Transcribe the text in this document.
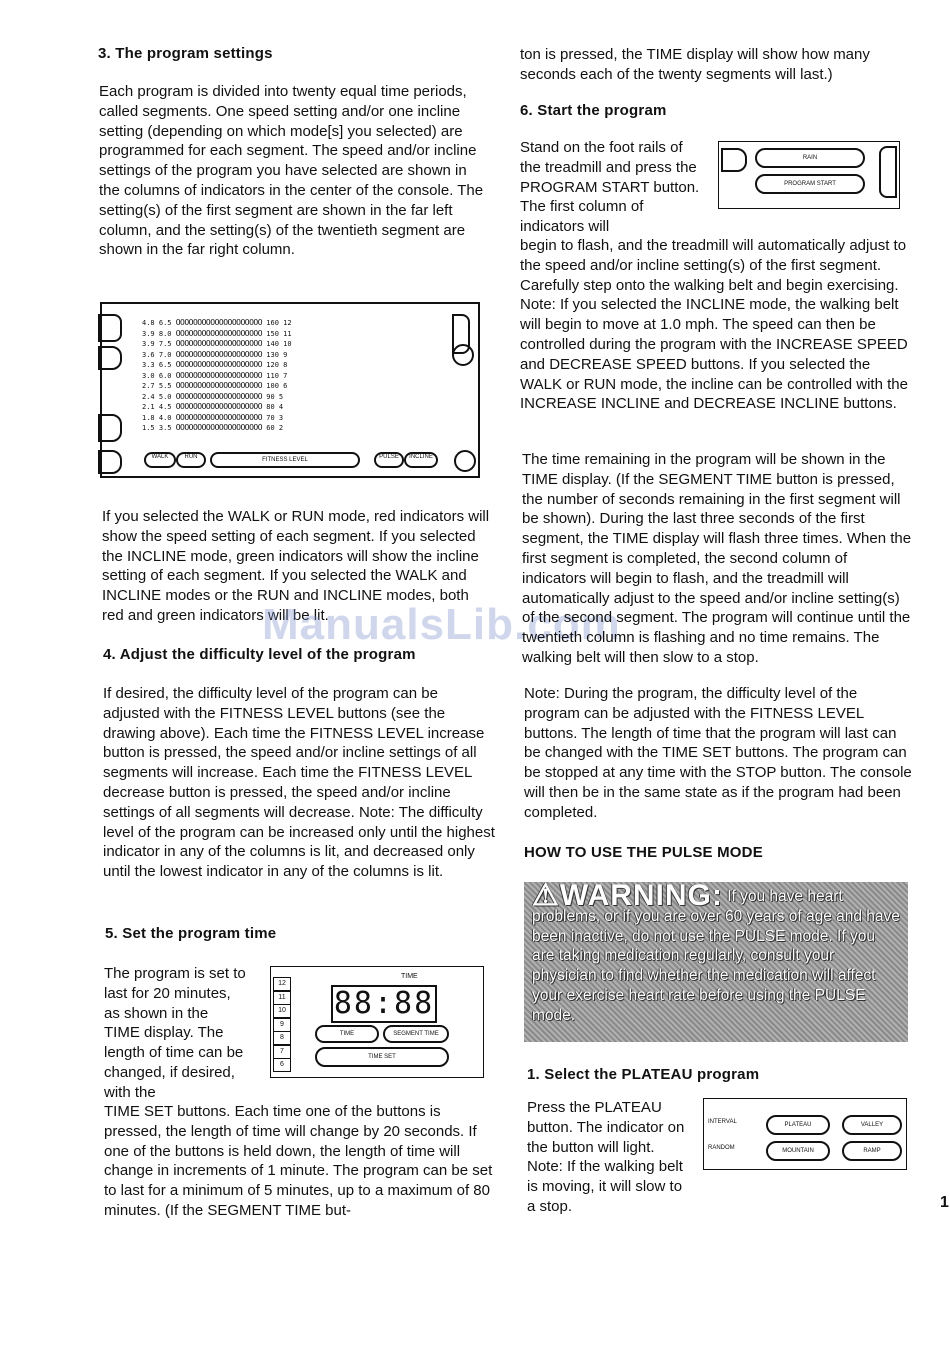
3. The program settings
Each program is divided into twenty equal time periods, called segments. One speed setting and/or one incline setting (depending on which mode[s] you selected) are programmed for each segment. The speed and/or incline settings of the program you have selected are shown in the columns of indicators in the center of the console. The setting(s) of the first segment are shown in the far left column, and the setting(s) of the twentieth segment are shown in the far right column.
4.8 6.5 OOOOOOOOOOOOOOOOOOOO 160 12
3.9 8.0 OOOOOOOOOOOOOOOOOOOO 150 11
3.9 7.5 OOOOOOOOOOOOOOOOOOOO 140 10
3.6 7.0 OOOOOOOOOOOOOOOOOOOO 130 9
3.3 6.5 OOOOOOOOOOOOOOOOOOOO 120 8
3.0 6.0 OOOOOOOOOOOOOOOOOOOO 110 7
2.7 5.5 OOOOOOOOOOOOOOOOOOOO 100 6
2.4 5.0 OOOOOOOOOOOOOOOOOOOO 90 5
2.1 4.5 OOOOOOOOOOOOOOOOOOOO 80 4
1.8 4.0 OOOOOOOOOOOOOOOOOOOO 70 3
1.5 3.5 OOOOOOOOOOOOOOOOOOOO 60 2
WALK	RUN	FITNESS LEVEL	PULSE	INCLINE
If you selected the WALK or RUN mode, red indicators will show the speed setting of each segment. If you selected the INCLINE mode, green indicators will show the incline setting of each segment. If you selected the WALK and INCLINE modes or the RUN and INCLINE modes, both red and green indicators will be lit.
ManualsLib.com
4. Adjust the difficulty level of the program
If desired, the difficulty level of the program can be adjusted with the FITNESS LEVEL buttons (see the drawing above). Each time the FITNESS LEVEL increase button is pressed, the speed and/or incline settings of all segments will increase. Each time the FITNESS LEVEL decrease button is pressed, the speed and/or incline settings of all segments will decrease. Note: The difficulty level of the program can be increased only until the highest indicator in any of the columns is lit, and decreased only until the lowest indicator in any of the columns is lit.
5. Set the program time
The program is set to last for 20 minutes, as shown in the TIME display. The length of time can be changed, if desired, with the
12
11
10
9
8
7
6
TIME
88:88
TIME	SEGMENT TIME
TIME SET
TIME SET buttons. Each time one of the buttons is pressed, the length of time will change by 20 seconds. If one of the buttons is held down, the length of time will change in increments of 1 minute. The program can be set to last for a minimum of 5 minutes, up to a maximum of 80 minutes. (If the SEGMENT TIME but-
ton is pressed, the TIME display will show how many seconds each of the twenty segments will last.)
6. Start the program
Stand on the foot rails of the treadmill and press the PROGRAM START button. The first column of indicators will
RAIN
PROGRAM START
begin to flash, and the treadmill will automatically adjust to the speed and/or incline setting(s) of the first segment. Carefully step onto the walking belt and begin exercising. Note: If you selected the INCLINE mode, the walking belt will begin to move at 1.0 mph. The speed can then be controlled during the program with the INCREASE SPEED and DECREASE SPEED buttons. If you selected the WALK or RUN mode, the incline can be controlled with the INCREASE INCLINE and DECREASE INCLINE buttons.
The time remaining in the program will be shown in the TIME display. (If the SEGMENT TIME button is pressed, the number of seconds remaining in the first segment will be shown). During the last three seconds of the first segment, the TIME display will flash three times. When the first segment is completed, the second column of indicators will begin to flash, and the treadmill will automatically adjust to the speed and/or incline setting(s) of the second segment. The program will continue until the twentieth column is flashing and no time remains. The walking belt will then slow to a stop.
Note: During the program, the difficulty level of the program can be adjusted with the FITNESS LEVEL buttons. The length of time that the program will last can be changed with the TIME SET buttons. The program can be stopped at any time with the STOP button. The console will then be in the same state as if the program had been completed.
HOW TO USE THE PULSE MODE
⚠WARNING: If you have heart problems, or if you are over 60 years of age and have been inactive, do not use the PULSE mode. If you are taking medication regularly, consult your physician to find whether the medication will affect your exercise heart rate before using the PULSE mode.
1. Select the PLATEAU program
Press the PLATEAU button. The indicator on the button will light. Note: If the walking belt is moving, it will slow to a stop.
INTERVAL	PLATEAU	VALLEY
RANDOM	MOUNTAIN	RAMP
1
